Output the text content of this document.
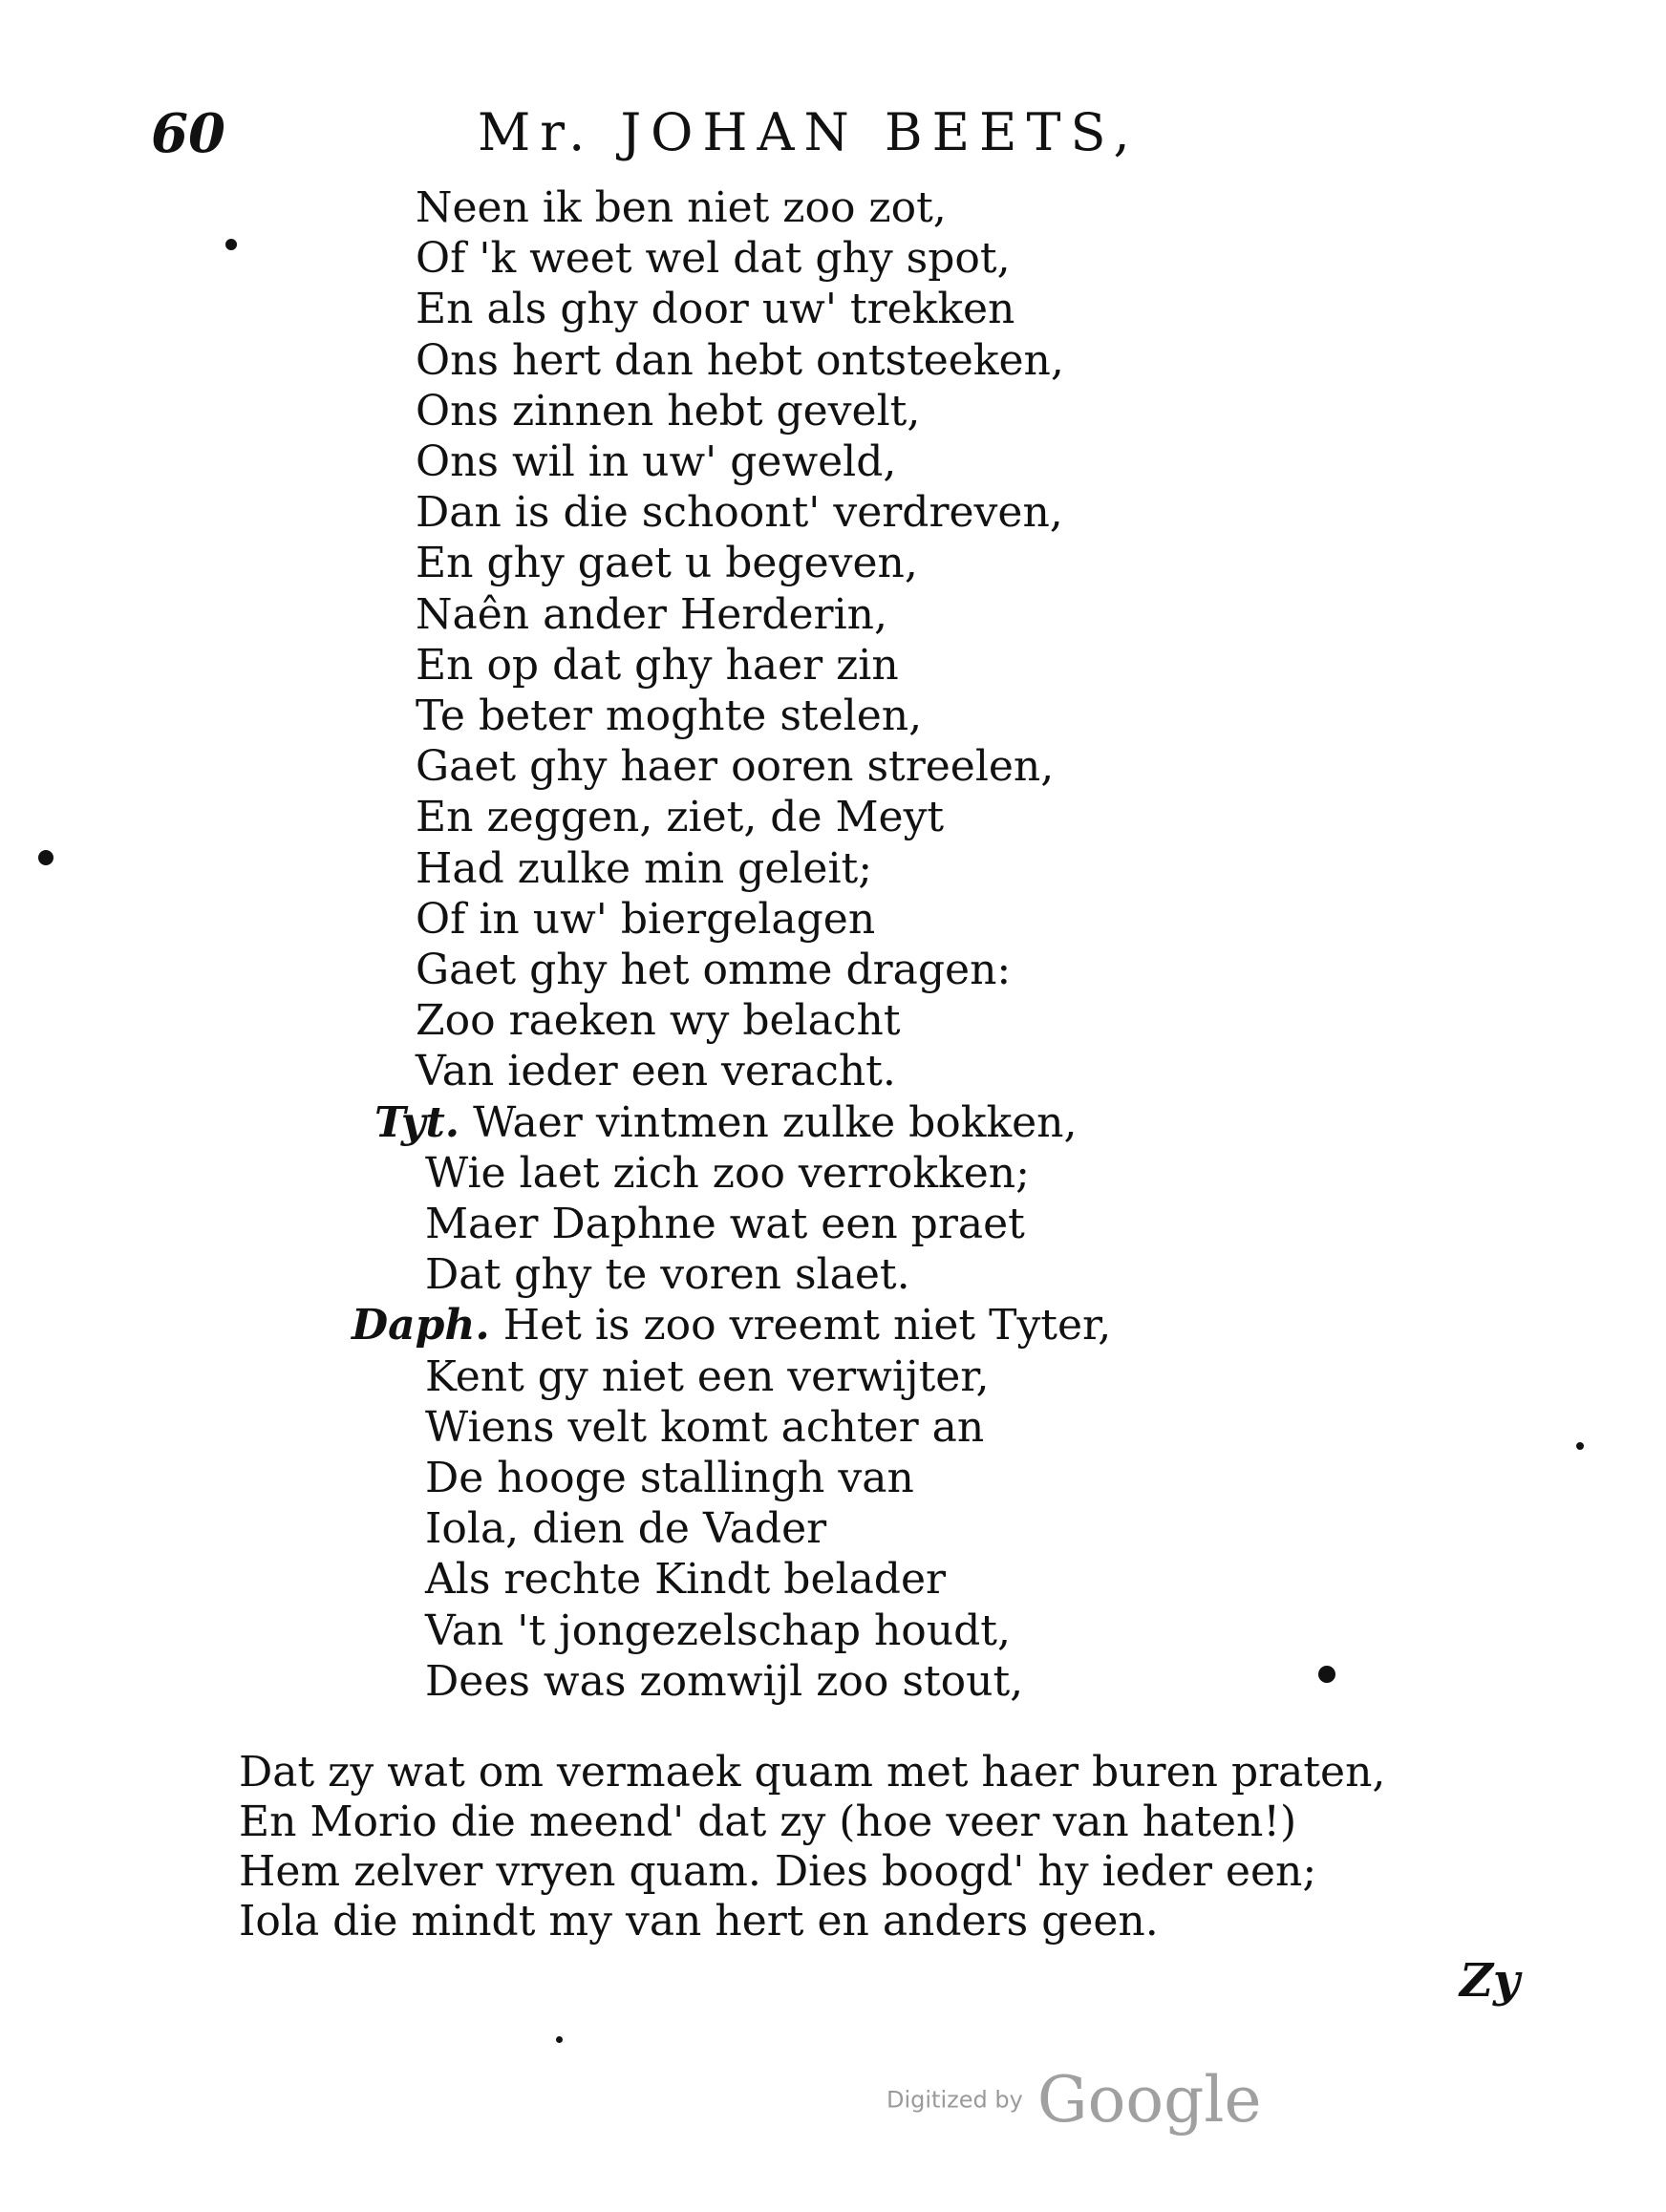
60	Mr. JOHAN BEETS,
Neen ik ben niet zoo zot,
Of 'k weet wel dat ghy spot,
En als ghy door uw' trekken
Ons hert dan hebt ontsteeken,
Ons zinnen hebt gevelt,
Ons wil in uw' geweld,
Dan is die schoont' verdreven,
En ghy gaet u begeven,
Naên ander Herderin,
En op dat ghy haer zin
Te beter moghte stelen,
Gaet ghy haer ooren streelen,
En zeggen, ziet, de Meyt
Had zulke min geleit;
Of in uw' biergelagen
Gaet ghy het omme dragen:
Zoo raeken wy belacht
Van ieder een veracht.
Tyt. Waer vintmen zulke bokken,
Wie laet zich zoo verrokken;
Maer Daphne wat een praet
Dat ghy te voren slaet.
Daph. Het is zoo vreemt niet Tyter,
Kent gy niet een verwijter,
Wiens velt komt achter an
De hooge stallingh van
Iola, dien de Vader
Als rechte Kindt belader
Van 't jongezelschap houdt,
Dees was zomwijl zoo stout,
Dat zy wat om vermaek quam met haer buren praten,
En Morio die meend' dat zy (hoe veer van haten!)
Hem zelver vryen quam. Dies boogd' hy ieder een;
Iola die mindt my van hert en anders geen.
Zy
Digitized by Google
